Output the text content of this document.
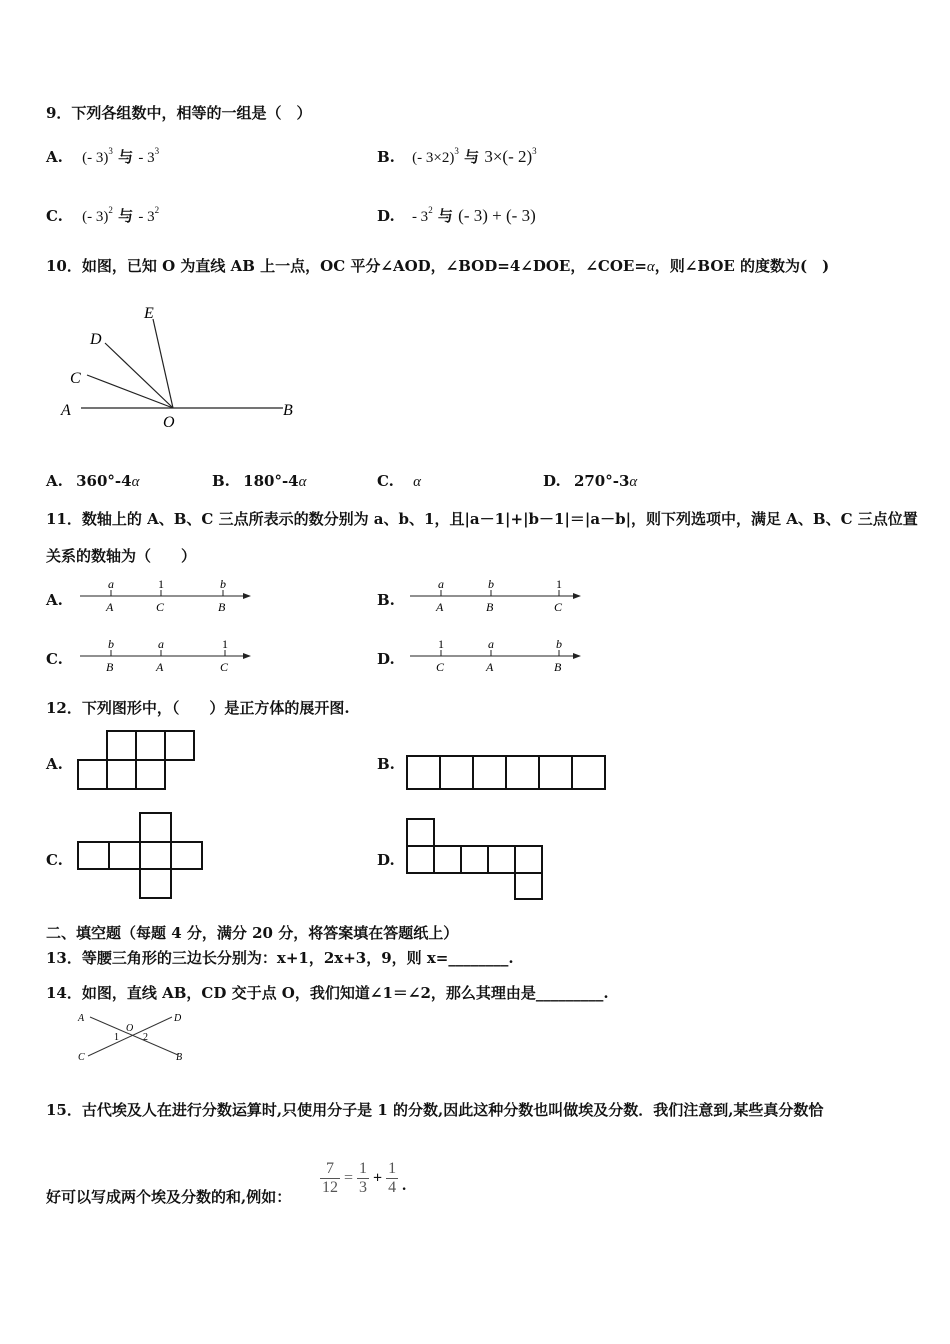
9．下列各组数中，相等的一组是（　）
A. (- 3)$^3$ 与 - $3^3$	B. (- 3×2)$^3$ 与 3×(- 2)$^3$
C. (- 3)$^2$ 与 - $3^2$	D. - $3^2$ 与 (- 3) + (- 3)
10．如图，已知 O 为直线 AB 上一点，OC 平分∠AOD，∠BOD=4∠DOE，∠COE=α，则∠BOE 的度数为(　)
E
D
C
A
O
B
A. 360°-4α	B. 180°-4α	C. α	D. 270°-3α
11．数轴上的 A、B、C 三点所表示的数分别为 a、b、1，且|a－1|+|b－1|＝|a－b|，则下列选项中，满足 A、B、C 三点位置
关系的数轴为（　　）
A.
a	1	b
A	C	B	B.
a	b	1
A	B	C
C.
b	a	1
B	A	C	D.
1	a	b
C	A	B
12．下列图形中，（　　）是正方体的展开图.
A.	B.
C.	D.
二、填空题（每题 4 分，满分 20 分，将答案填在答题纸上）
13．等腰三角形的三边长分别为：x+1，2x+3，9，则 x=________.
14．如图，直线 AB，CD 交于点 O，我们知道∠1＝∠2，那么其理由是_________.
A	D
C	B
O
1 2
15．古代埃及人在进行分数运算时,只使用分子是 1 的分数,因此这种分数也叫做埃及分数．我们注意到,某些真分数恰
好可以写成两个埃及分数的和,例如： $\frac{7}{12} = \frac{1}{3} + \frac{1}{4}$ .
